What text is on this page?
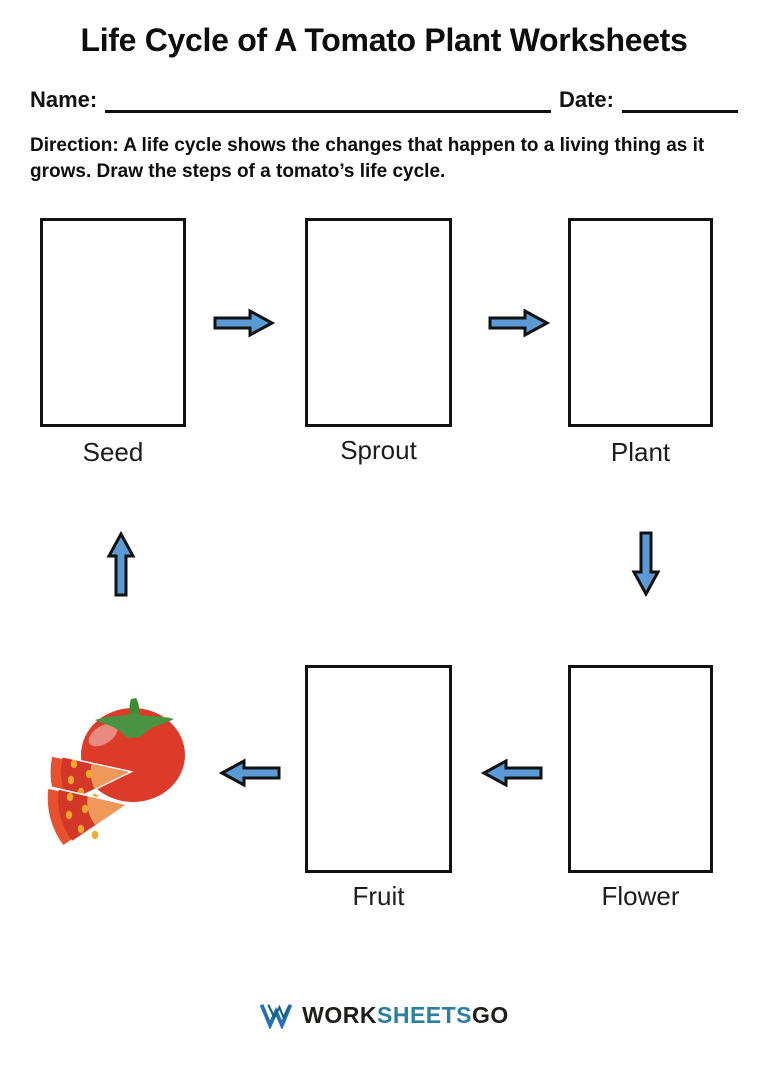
Life Cycle of A Tomato Plant Worksheets
Name:	Date:
Direction: A life cycle shows the changes that happen to a living thing as it grows. Draw the steps of a tomato’s life cycle.
Seed	Sprout	Plant
Fruit	Flower
WORKSHEETSGO
